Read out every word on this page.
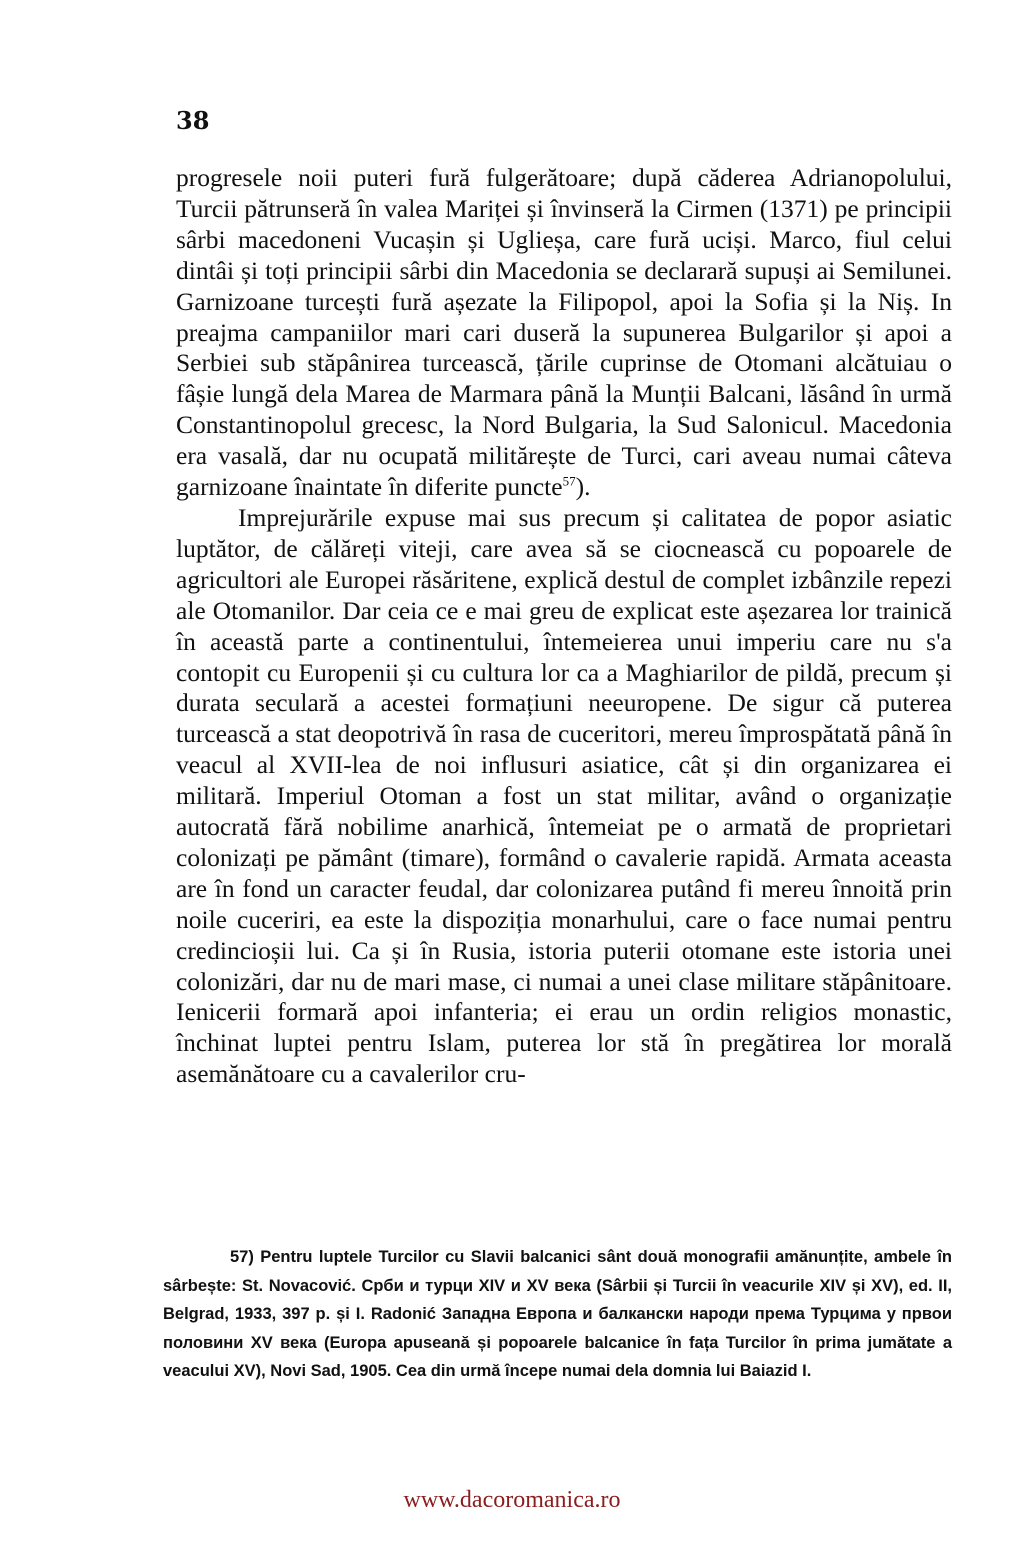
38

progresele noii puteri fură fulgerătoare; după căderea Adrianopolului, Turcii pătrunseră în valea Mariței și învinseră la Cirmen (1371) pe principii sârbi macedoneni Vucașin și Uglieșa, care fură uciși. Marco, fiul celui dintâi și toți principii sârbi din Macedonia se declarară supuși ai Semilunei. Garnizoane turcești fură așezate la Filipopol, apoi la Sofia și la Niș. In preajma campaniilor mari cari duseră la supunerea Bulgarilor și apoi a Serbiei sub stăpânirea turcească, țările cuprinse de Otomani alcătuiau o fâșie lungă dela Marea de Marmara până la Munții Balcani, lăsând în urmă Constantinopolul grecesc, la Nord Bulgaria, la Sud Salonicul. Macedonia era vasală, dar nu ocupată militărește de Turci, cari aveau numai câteva garnizoane înaintate în diferite puncte$^{57}$).

Imprejurările expuse mai sus precum și calitatea de popor asiatic luptător, de călăreți viteji, care avea să se ciocnească cu popoarele de agricultori ale Europei răsăritene, explică destul de complet izbânzile repezi ale Otomanilor. Dar ceia ce e mai greu de explicat este așezarea lor trainică în această parte a continentului, întemeierea unui imperiu care nu s'a contopit cu Europenii și cu cultura lor ca a Maghiarilor de pildă, precum și durata seculară a acestei formațiuni neeuropene. De sigur că puterea turcească a stat deopotrivă în rasa de cuceritori, mereu împrospătată până în veacul al XVII-lea de noi influsuri asiatice, cât și din organizarea ei militară. Imperiul Otoman a fost un stat militar, având o organizație autocrată fără nobilime anarhică, întemeiat pe o armată de proprietari colonizați pe pământ (timare), formând o cavalerie rapidă. Armata aceasta are în fond un caracter feudal, dar colonizarea putând fi mereu înnoită prin noile cuceriri, ea este la dispoziția monarhului, care o face numai pentru credincioșii lui. Ca și în Rusia, istoria puterii otomane este istoria unei colonizări, dar nu de mari mase, ci numai a unei clase militare stăpânitoare. Ienicerii formară apoi infanteria; ei erau un ordin religios monastic, închinat luptei pentru Islam, puterea lor stă în pregătirea lor morală asemănătoare cu a cavalerilor cru-

57) Pentru luptele Turcilor cu Slavii balcanici sânt două monografii amănunțite, ambele în sârbește: St. Novacović. Срби и турци XIV и XV века (Sârbii și Turcii în veacurile XIV și XV), ed. II, Belgrad, 1933, 397 p. și I. Radonić Западна Европа и балкански народи према Турцима у првои половини XV века (Europa apuseană și popoarele balcanice în fața Turcilor în prima jumătate a veacului XV), Novi Sad, 1905. Cea din urmă începe numai dela domnia lui Baiazid I.
www.dacoromanica.ro
